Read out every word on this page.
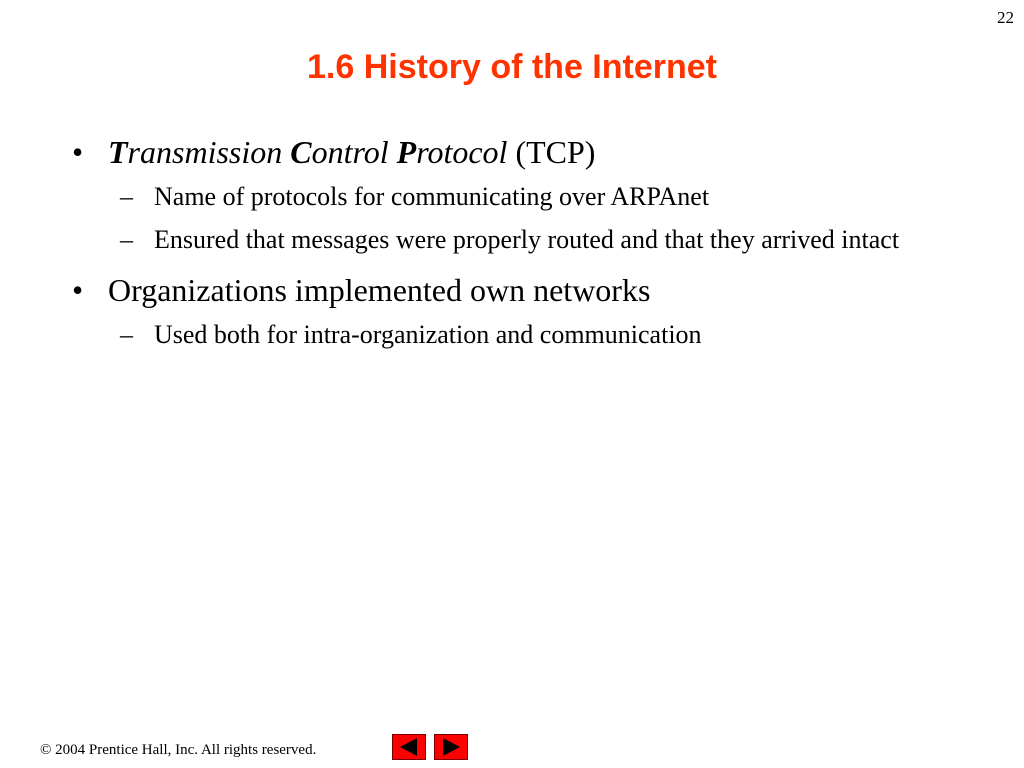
22
1.6 History of the Internet
• Transmission Control Protocol (TCP)
– Name of protocols for communicating over ARPAnet
– Ensured that messages were properly routed and that they arrived intact
• Organizations implemented own networks
– Used both for intra-organization and communication
© 2004 Prentice Hall, Inc. All rights reserved.
